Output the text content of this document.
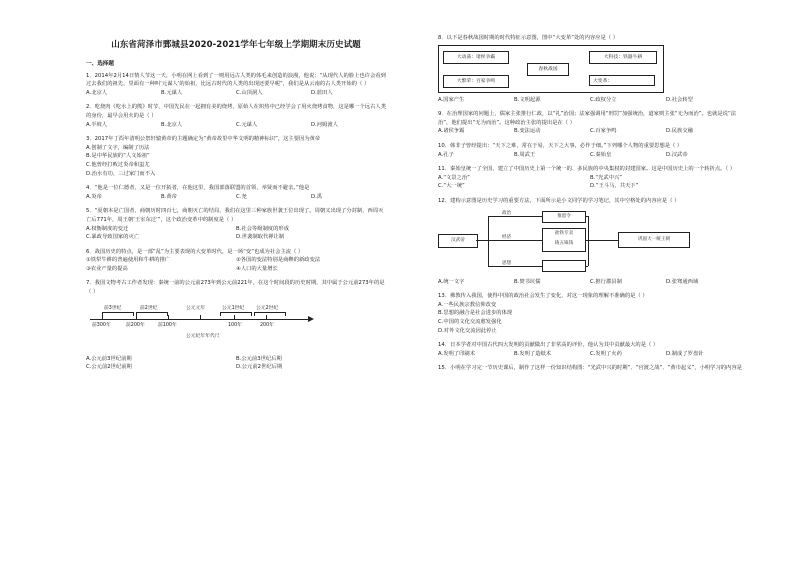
山东省菏泽市鄄城县2020-2021学年七年级上学期期末历史试题
一、选择题
1．2014年2月14日情人节这一天，小明在网上看到了一则用远古人类的体毛来创造的浪漫，他说：“从现代人的脸上也许会看到过去我们的祖先，里面有一种叫‘元谋人’的始祖，比远古时代的人类的出现还要早呢”，我们是从云南的古人类开始的（ ）
A.北京人	B.元谋人	C.山顶洞人	D.蓝田人
2．吃烧肉《吃水上的熊》时节，中国先民在一起拥有美的烧烤，原始人在炽热中已经学会了用火烧烤食物，这是哪一个远古人类的身份，最早会用火的是（ ）
A.半坡人	B.北京人	C.元谋人	D.河姆渡人
3．2017年丁酉年清明公祭轩辕黄帝的主题确定为“黄帝故里中华文明的精神标识”，这主要因为黄帝
A.创制了文字，编制了历法
B.是中华民族的“人文始祖”
C.他曾经打败过炎帝和蚩尤
D.治水有功，三过家门而不入
4．“他是一位仁德者，又是一位开拓者，在他这里，我国部落联盟的首领，举贤而不避亲。”他是
A.炎帝	B.黄帝	C.尧	D.禹
5．“夏朝本是亡国者，商朝历时四百七，商朝灭亡的结局，我们在这里三种家族世袭王位出现了。周朝又出现了分封制，西周灭亡后771年，周王朝‘王室东迁’”，这个政治变革中的制度是（ ）
A.权衡制度的变迁	B.社会等级制度的形成
C.暴政导致国家的灭亡	D.世袭制取代禅让制
6．战国历史的特点，是一部“乱”为主要表现的大变革时代，是一场“变”也成为社会主流（ ）
①铁犁牛耕的普遍使用和牛耕的推广	②各国的变法特别是商鞅的新政变法
③农业产量的提高	④人口的大量增长
7．我国文物考古工作者发现：秦统一前的公元前273年到公元前221年，在这个时间段的历史时期，其中属于公元前273年的是（ ）
前3世纪	前2世纪	公元元年	公元1世纪 公元2世纪
前300年	前200年	前100年	100年	200年
公元纪年年代尺
A.公元前3世纪前期	B.公元前3世纪后期
C.公元前2世纪前期	D.公元前2世纪后期
8．以下是春秋战国时期的时代特征示意图，图中“大变革”处的内容应是（ ）
大动荡：诸侯争霸
大繁荣：百家争鸣
春秋战国
大科技：铁器牛耕
大变革：
A.国家产生	B.文明起源	C.政权分立	D.社会转型
9．在治理国家的问题上，儒家主张推行仁政，以“礼”治国；法家强调用“刑罚”加强统治，道家则主张“无为而治”。也就是说“法治”，他们提出“无为而治”。这种政治主张的提出是在（ ）
A.诸侯争霸	B.变法运动	C.百家争鸣	D.民族交融
10．韩非子曾经提出：“天下之难，常在于易，天下之大事，必作于细。”下列哪个人物的重要思想是（ ）
A.孔子	B.周武王	C.秦始皇	D.汉武帝
11．秦始皇统一了全国，建立了中国历史上第一个统一的、多民族的中央集权的封建国家。这是中国历史上的一个转折点。（ ）
A.“文景之治”	B.“光武中兴”
C.“大一统”	D.“王斗马，共天下”
12．建构示意图是历史学习的重要方法，下面所示是小文同学的学习笔记，其中空格处的内容应是（ ）
汉武帝
政治
经济
思想
推恩令
盐铁专卖
铸五铢钱
巩固大一统王朝
A.统一文字	B.焚书坑儒	C.推行郡县制	D.张骞通西域
13．佛教传入我国，使得中国的政治社会发生了变化，对这一现象的理解不准确的是（ ）
A.一些民族宗教信仰改变
B.思想的融合是社会进步的体现
C.中国的文化交流愈发强化
D.对外文化交流因此停止
14．日本学者对中国古代四大发明的贡献做出了非常高的评价，他认为其中贡献最大的是（ ）
A.发明了印刷术	B.发明了造纸术	C.发明了火药	D.制成了罗盘针
15．小明在学习完一节历史课后，制作了这样一份知识结构图：“光武中兴的时期”、“官渡之战”、“黄巾起义”，小明学习的内容是
